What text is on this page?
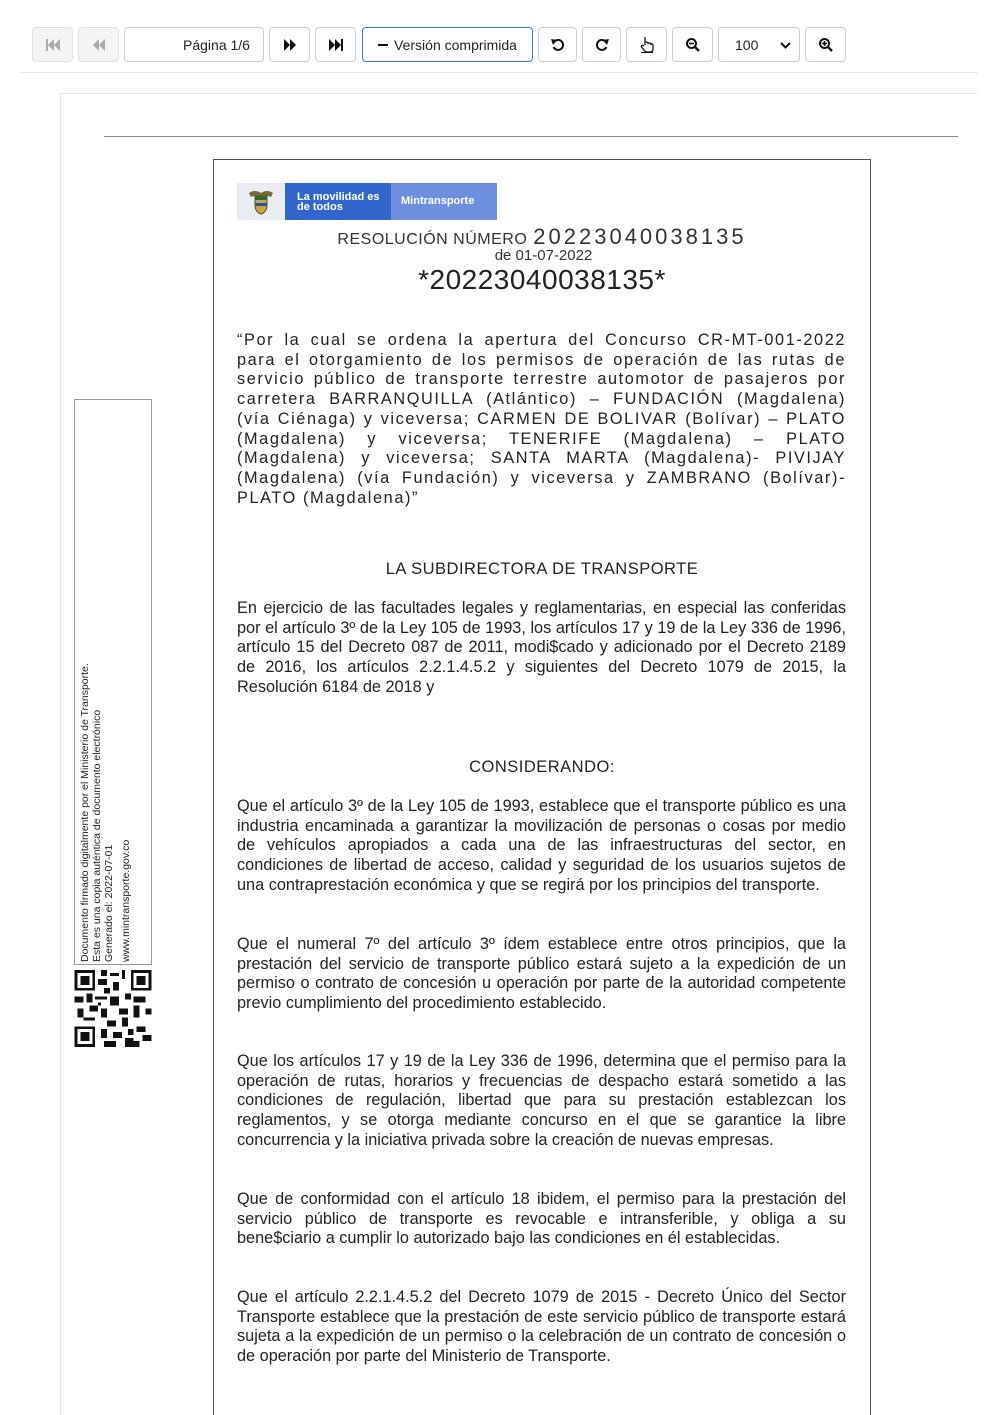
Página 1/6	Versión comprimida	100
Documento firmado digitalmente por el Ministerio de Transporte. Esta es una copia auténtica de documento electrónico Generado el: 2022-07-01 www.mintransporte.gov.co
La movilidad es de todos	Mintransporte
RESOLUCIÓN NÚMERO 20223040038135
de 01-07-2022
*20223040038135*
“Por la cual se ordena la apertura del Concurso CR-MT-001-2022 para el otorgamiento de los permisos de operación de las rutas de servicio público de transporte terrestre automotor de pasajeros por carretera BARRANQUILLA (Atlántico) – FUNDACIÓN (Magdalena) (vía Ciénaga) y viceversa; CARMEN DE BOLIVAR (Bolívar) – PLATO (Magdalena) y viceversa; TENERIFE (Magdalena) – PLATO (Magdalena) y viceversa; SANTA MARTA (Magdalena)- PIVIJAY (Magdalena) (vía Fundación) y viceversa y ZAMBRANO (Bolívar)- PLATO (Magdalena)”
LA SUBDIRECTORA DE TRANSPORTE
En ejercicio de las facultades legales y reglamentarias, en especial las conferidas por el artículo 3º de la Ley 105 de 1993, los artículos 17 y 19 de la Ley 336 de 1996, artículo 15 del Decreto 087 de 2011, modi$cado y adicionado por el Decreto 2189 de 2016, los artículos 2.2.1.4.5.2 y siguientes del Decreto 1079 de 2015, la Resolución 6184 de 2018 y
CONSIDERANDO:
Que el artículo 3º de la Ley 105 de 1993, establece que el transporte público es una industria encaminada a garantizar la movilización de personas o cosas por medio de vehículos apropiados a cada una de las infraestructuras del sector, en condiciones de libertad de acceso, calidad y seguridad de los usuarios sujetos de una contraprestación económica y que se regirá por los principios del transporte.
Que el numeral 7º del artículo 3º ídem establece entre otros principios, que la prestación del servicio de transporte público estará sujeto a la expedición de un permiso o contrato de concesión u operación por parte de la autoridad competente previo cumplimiento del procedimiento establecido.
Que los artículos 17 y 19 de la Ley 336 de 1996, determina que el permiso para la operación de rutas, horarios y frecuencias de despacho estará sometido a las condiciones de regulación, libertad que para su prestación establezcan los reglamentos, y se otorga mediante concurso en el que se garantice la libre concurrencia y la iniciativa privada sobre la creación de nuevas empresas.
Que de conformidad con el artículo 18 ibidem, el permiso para la prestación del servicio público de transporte es revocable e intransferible, y obliga a su bene$ciario a cumplir lo autorizado bajo las condiciones en él establecidas.
Que el artículo 2.2.1.4.5.2 del Decreto 1079 de 2015 - Decreto Único del Sector Transporte establece que la prestación de este servicio público de transporte estará sujeta a la expedición de un permiso o la celebración de un contrato de concesión o de operación por parte del Ministerio de Transporte.
